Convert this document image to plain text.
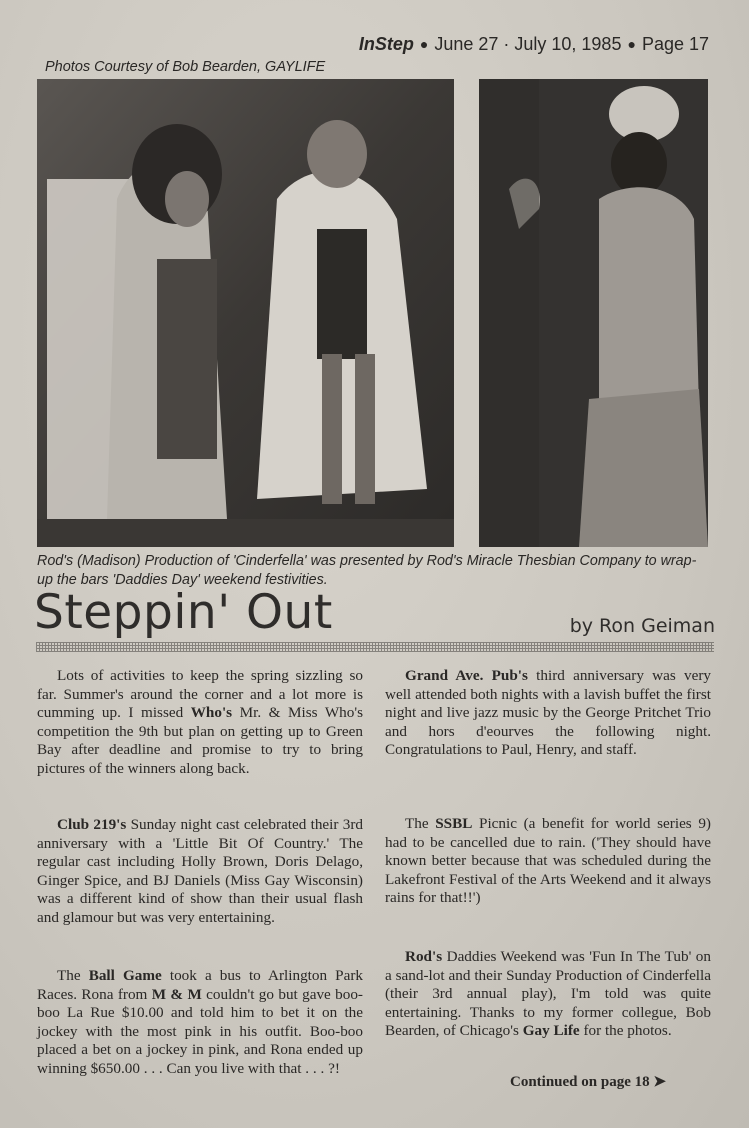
InStep ● June 27 · July 10, 1985 ● Page 17
Photos Courtesy of Bob Bearden, GAYLIFE
Rod's (Madison) Production of 'Cinderfella' was presented by Rod's Miracle Thesbian Company to wrap-up the bars 'Daddies Day' weekend festivities.
Steppin' Out	by Ron Geiman

Lots of activities to keep the spring sizzling so far. Summer's around the corner and a lot more is cumming up. I missed Who's Mr. & Miss Who's competition the 9th but plan on getting up to Green Bay after deadline and promise to try to bring pictures of the winners along back.

Club 219's Sunday night cast celebrated their 3rd anniversary with a 'Little Bit Of Country.' The regular cast including Holly Brown, Doris Delago, Ginger Spice, and BJ Daniels (Miss Gay Wisconsin) was a different kind of show than their usual flash and glamour but was very entertaining.

The Ball Game took a bus to Arlington Park Races. Rona from M & M couldn't go but gave boo-boo La Rue $10.00 and told him to bet it on the jockey with the most pink in his outfit. Boo-boo placed a bet on a jockey in pink, and Rona ended up winning $650.00 . . . Can you live with that . . . ?!

Grand Ave. Pub's third anniversary was very well attended both nights with a lavish buffet the first night and live jazz music by the George Pritchet Trio and hors d'eourves the following night. Congratulations to Paul, Henry, and staff.

The SSBL Picnic (a benefit for world series 9) had to be cancelled due to rain. ('They should have known better because that was scheduled during the Lakefront Festival of the Arts Weekend and it always rains for that!!')

Rod's Daddies Weekend was 'Fun In The Tub' on a sand-lot and their Sunday Production of Cinderfella (their 3rd annual play), I'm told was quite entertaining. Thanks to my former collegue, Bob Bearden, of Chicago's Gay Life for the photos.

Continued on page 18 ➤
